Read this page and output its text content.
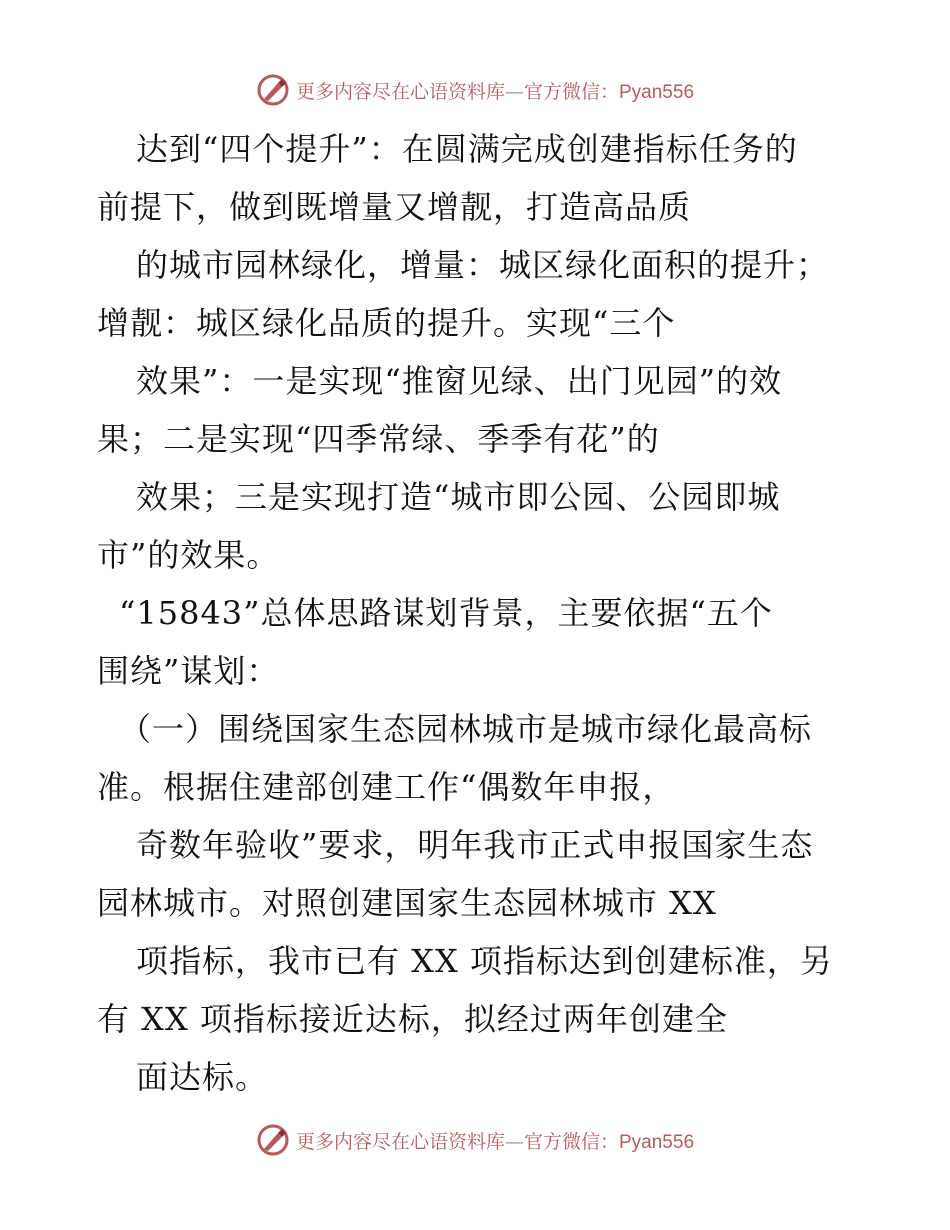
更多内容尽在心语资料库—官方微信：Pyan556
达到“四个提升”：在圆满完成创建指标任务的
前提下，做到既增量又增靓，打造高品质
的城市园林绿化，增量：城区绿化面积的提升；
增靓：城区绿化品质的提升。实现“三个
效果”：一是实现“推窗见绿、出门见园”的效
果；二是实现“四季常绿、季季有花”的
效果；三是实现打造“城市即公园、公园即城
市”的效果。
“15843”总体思路谋划背景，主要依据“五个
围绕”谋划：
（一）围绕国家生态园林城市是城市绿化最高标
准。根据住建部创建工作“偶数年申报，
奇数年验收”要求，明年我市正式申报国家生态
园林城市。对照创建国家生态园林城市 XX
项指标，我市已有 XX 项指标达到创建标准，另
有 XX 项指标接近达标，拟经过两年创建全
面达标。
更多内容尽在心语资料库—官方微信：Pyan556
